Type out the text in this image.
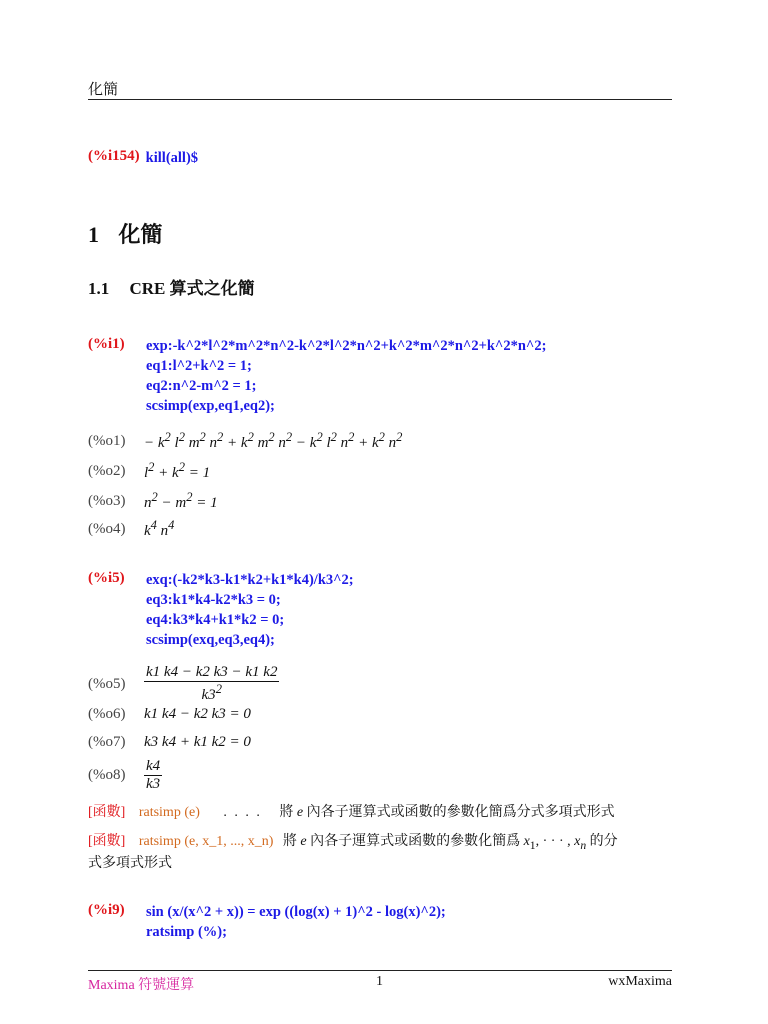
化簡
(%i154) kill(all)$
1 化簡
1.1 CRE 算式之化簡
(%i1)	exp:-k^2*l^2*m^2*n^2-k^2*l^2*n^2+k^2*m^2*n^2+k^2*n^2;
eq1:l^2+k^2 = 1;
eq2:n^2-m^2 = 1;
scsimp(exp,eq1,eq2);
(%o1)	− $k^2$ $l^2$ $m^2$ $n^2 + k^2$ $m^2$ $n^2 - k^2$ $l^2$ $n^2 + k^2$ $n^2$
(%o2)	$l^2 + k^2 = 1$
(%o3)	$n^2 - m^2 = 1$
(%o4)	$k^4$ $n^4$
(%i5)	exq:(-k2*k3-k1*k2+k1*k4)/k3^2;
eq3:k1*k4-k2*k3 = 0;
eq4:k3*k4+k1*k2 = 0;
scsimp(exq,eq3,eq4);
(%o5)	$\frac{k1 k4 - k2 k3 - k1 k2}{k3^2}$
(%o6)	k1 k4 − k2 k3 = 0
(%o7)	k3 k4 + k1 k2 = 0
(%o8)	$\frac{k4}{k3}$
[函數] ratsimp (e) . . . . 將 e 內各子運算式或函數的參數化簡爲分式多項式形式
[函數] ratsimp (e, x_1, ..., x_n) 將 e 內各子運算式或函數的參數化簡爲 $x_1$, · · · , $x_n$ 的分
式多項式形式
(%i9)	sin (x/(x^2 + x)) = exp ((log(x) + 1)^2 - log(x)^2);
ratsimp (%);
Maxima 符號運算	1	wxMaxima
